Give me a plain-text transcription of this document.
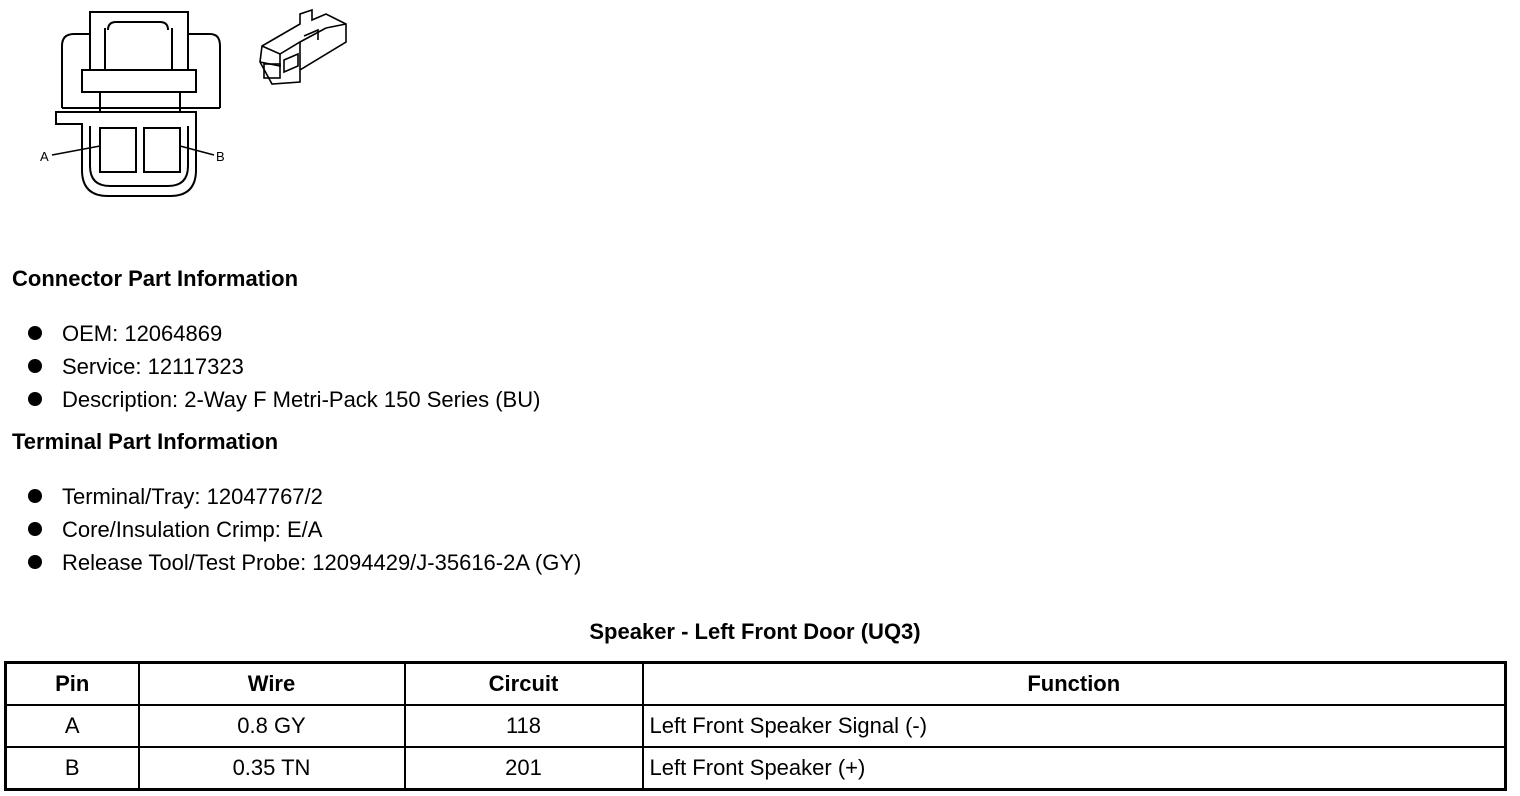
A	B
Connector Part Information
OEM: 12064869
Service: 12117323
Description: 2-Way F Metri-Pack 150 Series (BU)
Terminal Part Information
Terminal/Tray: 12047767/2
Core/Insulation Crimp: E/A
Release Tool/Test Probe: 12094429/J-35616-2A (GY)
Speaker - Left Front Door (UQ3)
Pin	Wire	Circuit	Function
A	0.8 GY	118	Left Front Speaker Signal (-)
B	0.35 TN	201	Left Front Speaker (+)
